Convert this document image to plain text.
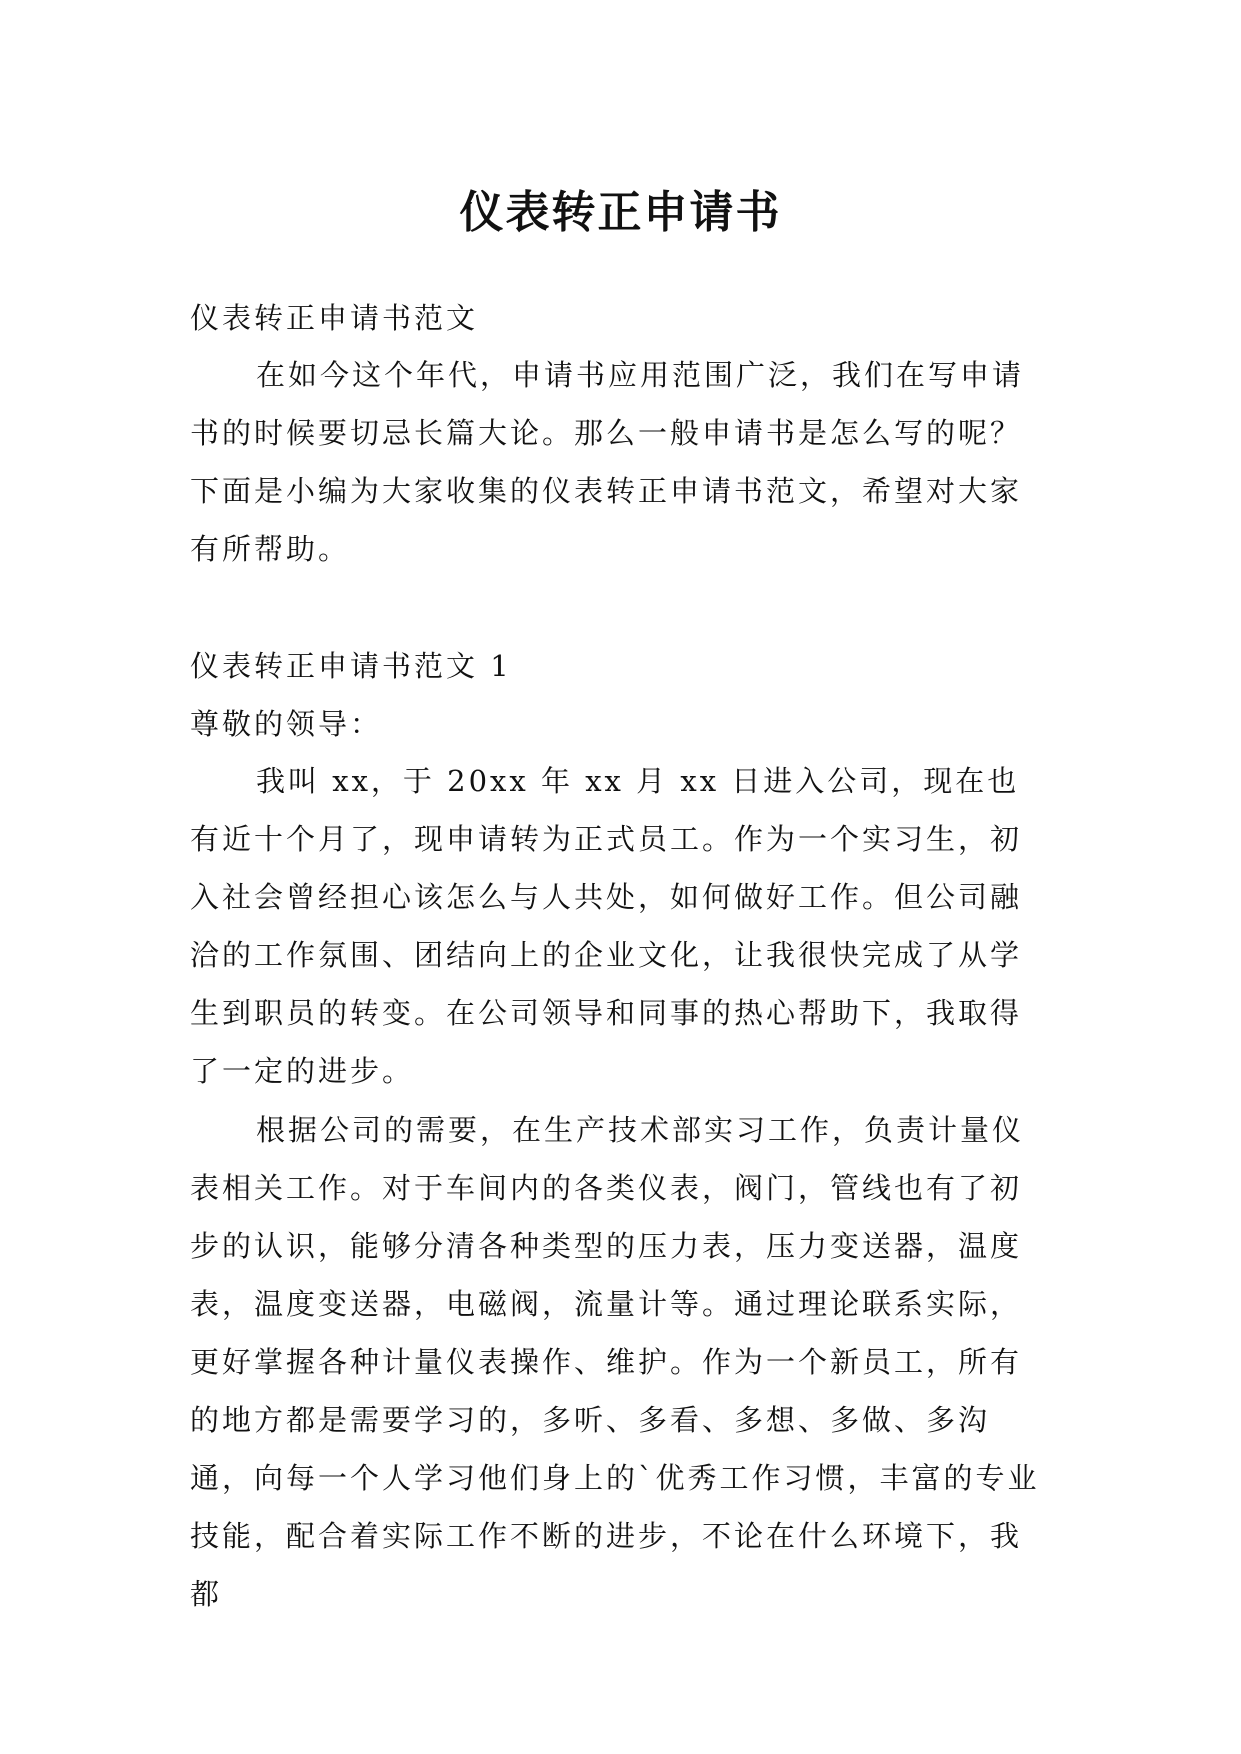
仪表转正申请书

仪表转正申请书范文

在如今这个年代，申请书应用范围广泛，我们在写申请书的时候要切忌长篇大论。那么一般申请书是怎么写的呢？下面是小编为大家收集的仪表转正申请书范文，希望对大家有所帮助。

仪表转正申请书范文 1

尊敬的领导：

我叫 xx，于 20xx 年 xx 月 xx 日进入公司，现在也有近十个月了，现申请转为正式员工。作为一个实习生，初入社会曾经担心该怎么与人共处，如何做好工作。但公司融洽的工作氛围、团结向上的企业文化，让我很快完成了从学生到职员的转变。在公司领导和同事的热心帮助下，我取得了一定的进步。

根据公司的需要，在生产技术部实习工作，负责计量仪表相关工作。对于车间内的各类仪表，阀门，管线也有了初步的认识，能够分清各种类型的压力表，压力变送器，温度表，温度变送器，电磁阀，流量计等。通过理论联系实际，更好掌握各种计量仪表操作、维护。作为一个新员工，所有的地方都是需要学习的，多听、多看、多想、多做、多沟通，向每一个人学习他们身上的`优秀工作习惯，丰富的专业技能，配合着实际工作不断的进步，不论在什么环境下，我都
